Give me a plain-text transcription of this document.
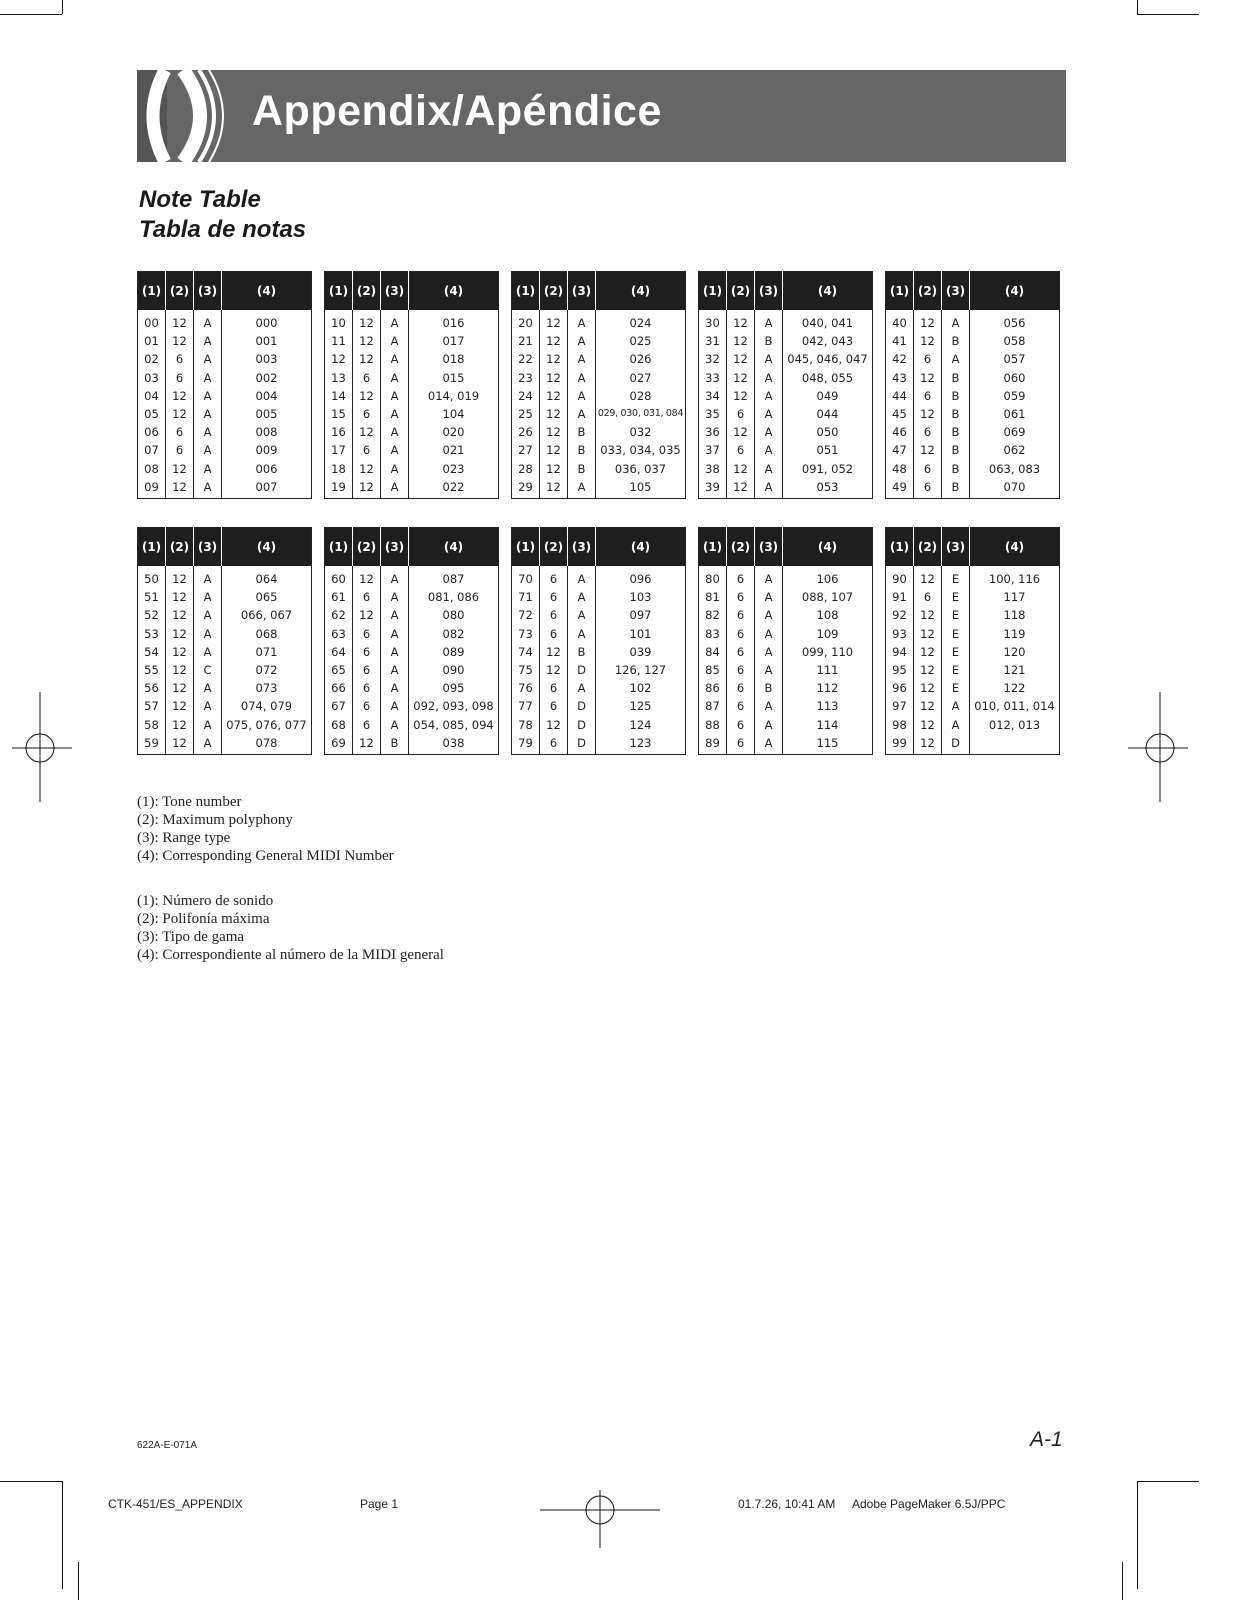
Appendix/Apéndice
Note Table
Tabla de notas
(1)	(2)	(3)	(4)
00	12	A	000
01	12	A	001
02	6	A	003
03	6	A	002
04	12	A	004
05	12	A	005
06	6	A	008
07	6	A	009
08	12	A	006
09	12	A	007
(1)	(2)	(3)	(4)
10	12	A	016
11	12	A	017
12	12	A	018
13	6	A	015
14	12	A	014, 019
15	6	A	104
16	12	A	020
17	6	A	021
18	12	A	023
19	12	A	022
(1)	(2)	(3)	(4)
20	12	A	024
21	12	A	025
22	12	A	026
23	12	A	027
24	12	A	028
25	12	A	029, 030, 031, 084
26	12	B	032
27	12	B	033, 034, 035
28	12	B	036, 037
29	12	A	105
(1)	(2)	(3)	(4)
30	12	A	040, 041
31	12	B	042, 043
32	12	A	045, 046, 047
33	12	A	048, 055
34	12	A	049
35	6	A	044
36	12	A	050
37	6	A	051
38	12	A	091, 052
39	12	A	053
(1)	(2)	(3)	(4)
40	12	A	056
41	12	B	058
42	6	A	057
43	12	B	060
44	6	B	059
45	12	B	061
46	6	B	069
47	12	B	062
48	6	B	063, 083
49	6	B	070
(1)	(2)	(3)	(4)
50	12	A	064
51	12	A	065
52	12	A	066, 067
53	12	A	068
54	12	A	071
55	12	C	072
56	12	A	073
57	12	A	074, 079
58	12	A	075, 076, 077
59	12	A	078
(1)	(2)	(3)	(4)
60	12	A	087
61	6	A	081, 086
62	12	A	080
63	6	A	082
64	6	A	089
65	6	A	090
66	6	A	095
67	6	A	092, 093, 098
68	6	A	054, 085, 094
69	12	B	038
(1)	(2)	(3)	(4)
70	6	A	096
71	6	A	103
72	6	A	097
73	6	A	101
74	12	B	039
75	12	D	126, 127
76	6	A	102
77	6	D	125
78	12	D	124
79	6	D	123
(1)	(2)	(3)	(4)
80	6	A	106
81	6	A	088, 107
82	6	A	108
83	6	A	109
84	6	A	099, 110
85	6	A	111
86	6	B	112
87	6	A	113
88	6	A	114
89	6	A	115
(1)	(2)	(3)	(4)
90	12	E	100, 116
91	6	E	117
92	12	E	118
93	12	E	119
94	12	E	120
95	12	E	121
96	12	E	122
97	12	A	010, 011, 014
98	12	A	012, 013
99	12	D	
(1): Tone number
(2): Maximum polyphony
(3): Range type
(4): Corresponding General MIDI Number
(1): Número de sonido
(2): Polifonía máxima
(3): Tipo de gama
(4): Correspondiente al número de la MIDI general
622A-E-071A	A-1
CTK-451/ES_APPENDIX	Page 1	01.7.26, 10:41 AM Adobe PageMaker 6.5J/PPC
